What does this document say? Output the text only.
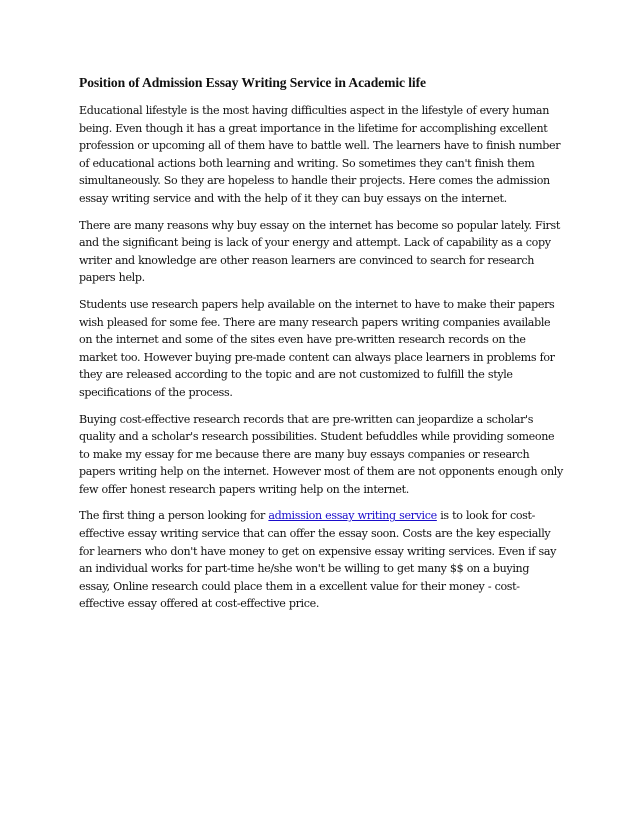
Position of Admission Essay Writing Service in Academic life

Educational lifestyle is the most having difficulties aspect in the lifestyle of every human being. Even though it has a great importance in the lifetime for accomplishing excellent profession or upcoming all of them have to battle well. The learners have to finish number of educational actions both learning and writing. So sometimes they can't finish them simultaneously. So they are hopeless to handle their projects. Here comes the admission essay writing service and with the help of it they can buy essays on the internet.

There are many reasons why buy essay on the internet has become so popular lately. First and the significant being is lack of your energy and attempt. Lack of capability as a copy writer and knowledge are other reason learners are convinced to search for research papers help.

Students use research papers help available on the internet to have to make their papers wish pleased for some fee. There are many research papers writing companies available on the internet and some of the sites even have pre-written research records on the market too. However buying pre-made content can always place learners in problems for they are released according to the topic and are not customized to fulfill the style specifications of the process.

Buying cost-effective research records that are pre-written can jeopardize a scholar's quality and a scholar's research possibilities. Student befuddles while providing someone to make my essay for me because there are many buy essays companies or research papers writing help on the internet. However most of them are not opponents enough only few offer honest research papers writing help on the internet.

The first thing a person looking for admission essay writing service is to look for cost-effective essay writing service that can offer the essay soon. Costs are the key especially for learners who don't have money to get on expensive essay writing services. Even if say an individual works for part-time he/she won't be willing to get many $$ on a buying essay, Online research could place them in a excellent value for their money - cost-effective essay offered at cost-effective price.
